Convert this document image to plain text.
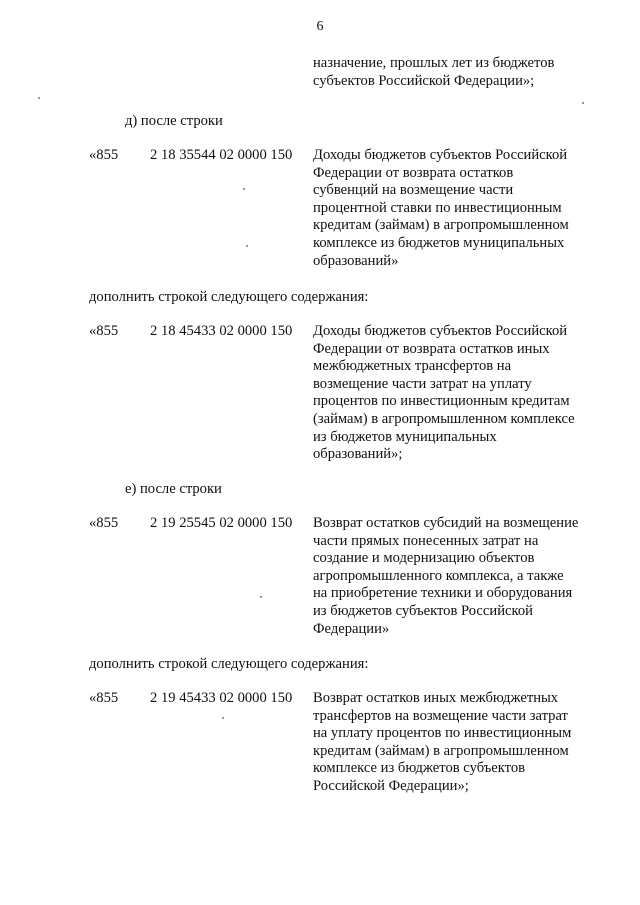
6
назначение, прошлых лет из бюджетов
субъектов Российской Федерации»;
д) после строки
«855 2 18 35544 02 0000 150 Доходы бюджетов субъектов Российской
Федерации от возврата остатков
субвенций на возмещение части
процентной ставки по инвестиционным
кредитам (займам) в агропромышленном
комплексе из бюджетов муниципальных
образований»
дополнить строкой следующего содержания:
«855 2 18 45433 02 0000 150 Доходы бюджетов субъектов Российской
Федерации от возврата остатков иных
межбюджетных трансфертов на
возмещение части затрат на уплату
процентов по инвестиционным кредитам
(займам) в агропромышленном комплексе
из бюджетов муниципальных
образований»;
е) после строки
«855 2 19 25545 02 0000 150 Возврат остатков субсидий на возмещение
части прямых понесенных затрат на
создание и модернизацию объектов
агропромышленного комплекса, а также
на приобретение техники и оборудования
из бюджетов субъектов Российской
Федерации»
дополнить строкой следующего содержания:
«855 2 19 45433 02 0000 150 Возврат остатков иных межбюджетных
трансфертов на возмещение части затрат
на уплату процентов по инвестиционным
кредитам (займам) в агропромышленном
комплексе из бюджетов субъектов
Российской Федерации»;
